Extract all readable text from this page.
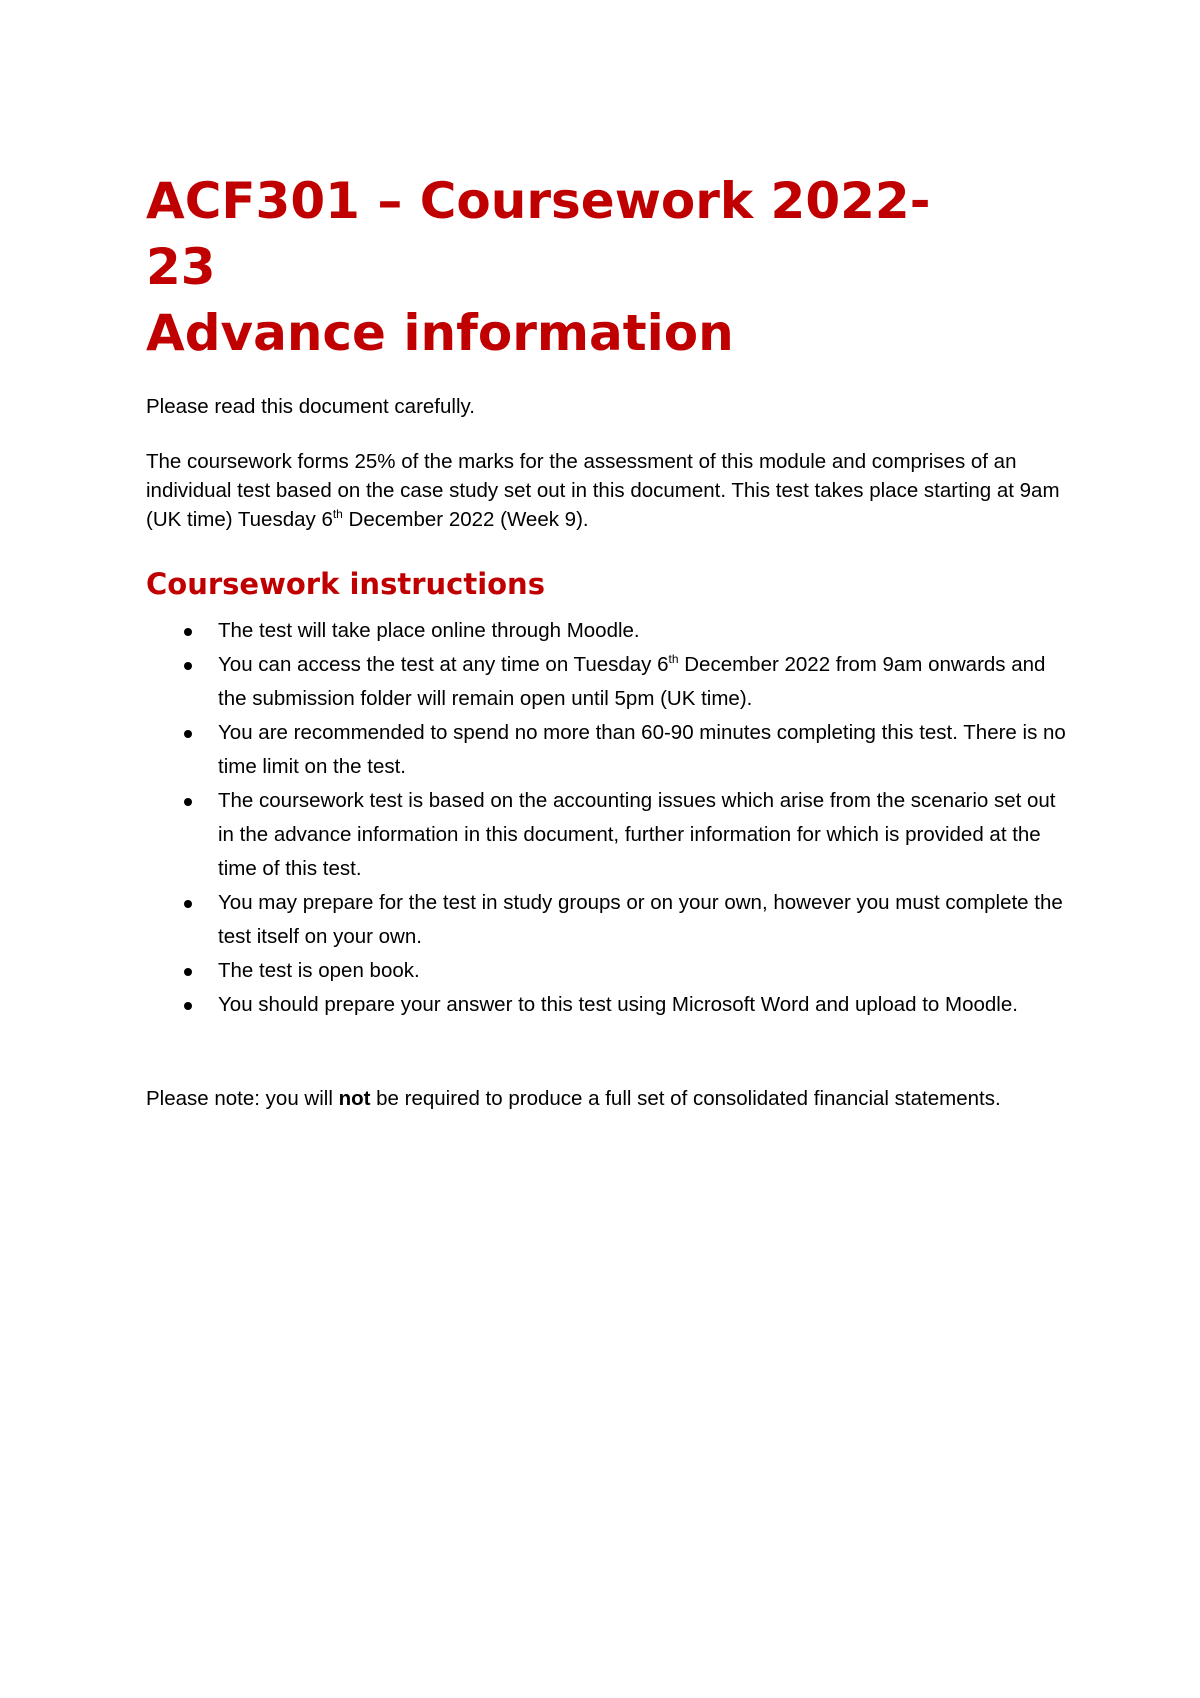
ACF301 – Coursework 2022-
23
Advance information

Please read this document carefully.

The coursework forms 25% of the marks for the assessment of this module and comprises of an individual test based on the case study set out in this document. This test takes place starting at 9am (UK time) Tuesday 6th December 2022 (Week 9).

Coursework instructions
The test will take place online through Moodle.
You can access the test at any time on Tuesday 6th December 2022 from 9am onwards and the submission folder will remain open until 5pm (UK time).
You are recommended to spend no more than 60-90 minutes completing this test. There is no time limit on the test.
The coursework test is based on the accounting issues which arise from the scenario set out in the advance information in this document, further information for which is provided at the time of this test.
You may prepare for the test in study groups or on your own, however you must complete the test itself on your own.
The test is open book.
You should prepare your answer to this test using Microsoft Word and upload to Moodle.

Please note: you will not be required to produce a full set of consolidated financial statements.
